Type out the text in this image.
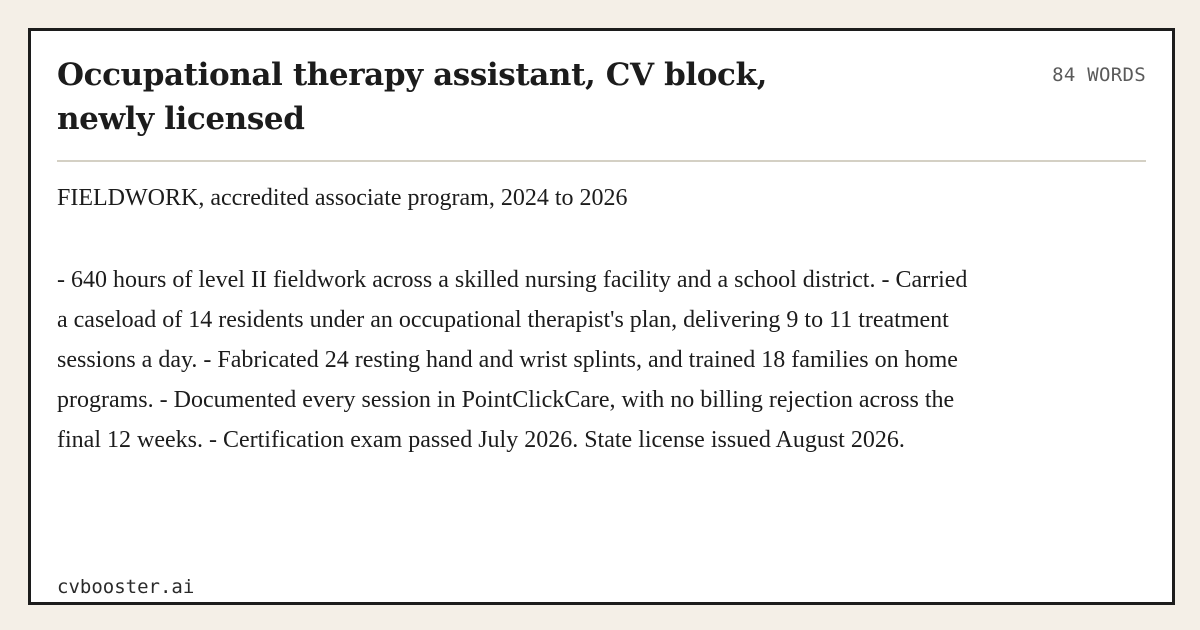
Occupational therapy assistant, CV block, newly licensed
84 WORDS
FIELDWORK, accredited associate program, 2024 to 2026

- 640 hours of level II fieldwork across a skilled nursing facility and a school district. - Carried a caseload of 14 residents under an occupational therapist's plan, delivering 9 to 11 treatment sessions a day. - Fabricated 24 resting hand and wrist splints, and trained 18 families on home programs. - Documented every session in PointClickCare, with no billing rejection across the final 12 weeks. - Certification exam passed July 2026. State license issued August 2026.

cvbooster.ai
